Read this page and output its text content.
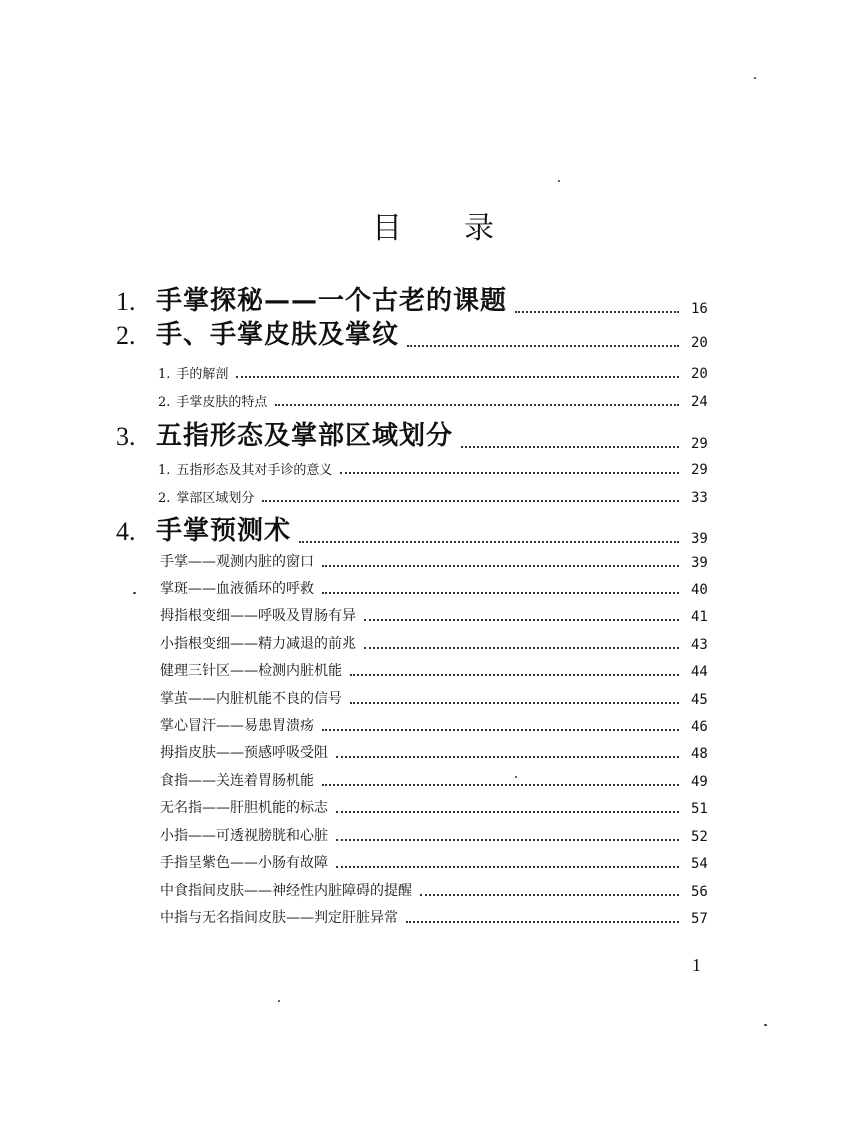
目录
1. 手掌探秘——一个古老的课题	16
2. 手、手掌皮肤及掌纹	20
1. 手的解剖	20
2. 手掌皮肤的特点	24
3. 五指形态及掌部区域划分	29
1. 五指形态及其对手诊的意义	29
2. 掌部区域划分	33
4. 手掌预测术	39
手掌——观测内脏的窗口	39
掌斑——血液循环的呼救	40
拇指根变细——呼吸及胃肠有异	41
小指根变细——精力减退的前兆	43
健理三针区——检测内脏机能	44
掌茧——内脏机能不良的信号	45
掌心冒汗——易患胃溃疡	46
拇指皮肤——预感呼吸受阻	48
食指——关连着胃肠机能	49
无名指——肝胆机能的标志	51
小指——可透视膀胱和心脏	52
手指呈紫色——小肠有故障	54
中食指间皮肤——神经性内脏障碍的提醒	56
中指与无名指间皮肤——判定肝脏异常	57
1
